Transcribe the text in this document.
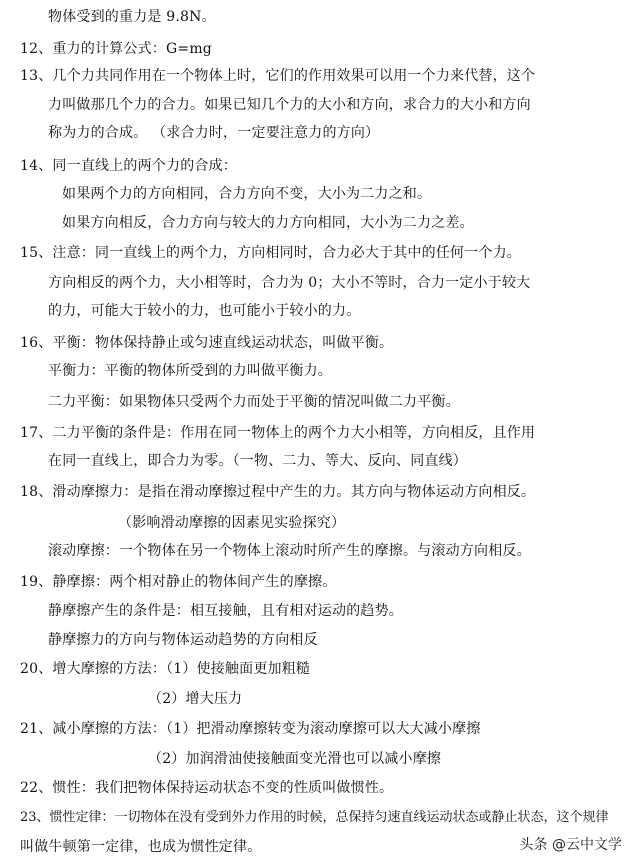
物体受到的重力是 9.8N。
12、重力的计算公式：G=mg
13、几个力共同作用在一个物体上时，它们的作用效果可以用一个力来代替，这个
力叫做那几个力的合力。如果已知几个力的大小和方向，求合力的大小和方向
称为力的合成。 （求合力时，一定要注意力的方向）
14、同一直线上的两个力的合成：
如果两个力的方向相同，合力方向不变，大小为二力之和。
如果方向相反，合力方向与较大的力方向相同，大小为二力之差。
15、注意：同一直线上的两个力，方向相同时，合力必大于其中的任何一个力。
方向相反的两个力，大小相等时，合力为 0；大小不等时，合力一定小于较大
的力，可能大于较小的力，也可能小于较小的力。
16、平衡：物体保持静止或匀速直线运动状态，叫做平衡。
平衡力：平衡的物体所受到的力叫做平衡力。
二力平衡：如果物体只受两个力而处于平衡的情况叫做二力平衡。
17、二力平衡的条件是：作用在同一物体上的两个力大小相等，方向相反，且作用
在同一直线上，即合力为零。（一物、二力、等大、反向、同直线）
18、滑动摩擦力：是指在滑动摩擦过程中产生的力。其方向与物体运动方向相反。
（影响滑动摩擦的因素见实验探究）
滚动摩擦：一个物体在另一个物体上滚动时所产生的摩擦。与滚动方向相反。
19、静摩擦：两个相对静止的物体间产生的摩擦。
静摩擦产生的条件是：相互接触，且有相对运动的趋势。
静摩擦力的方向与物体运动趋势的方向相反
20、增大摩擦的方法：（1）使接触面更加粗糙
（2）增大压力
21、减小摩擦的方法：（1）把滑动摩擦转变为滚动摩擦可以大大减小摩擦
（2）加润滑油使接触面变光滑也可以减小摩擦
22、惯性：我们把物体保持运动状态不变的性质叫做惯性。
23、惯性定律：一切物体在没有受到外力作用的时候，总保持匀速直线运动状态或静止状态，这个规律
叫做牛顿第一定律，也成为惯性定律。	头条 @云中文学
